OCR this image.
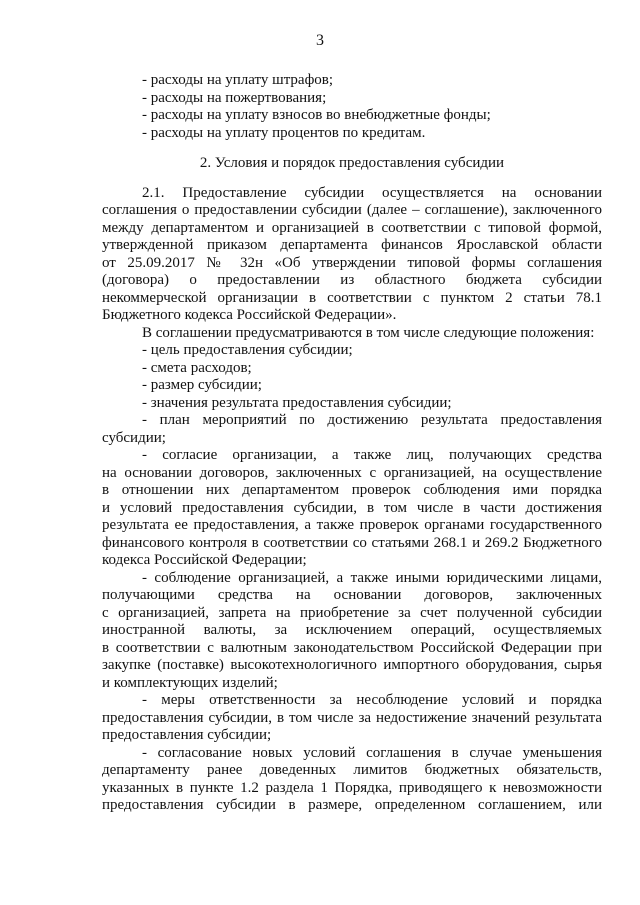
3

- расходы на уплату штрафов;

- расходы на пожертвования;

- расходы на уплату взносов во внебюджетные фонды;

- расходы на уплату процентов по кредитам.

2. Условия и порядок предоставления субсидии

2.1. Предоставление субсидии осуществляется на основании
соглашения о предоставлении субсидии (далее – соглашение), заключенного
между департаментом и организацией в соответствии с типовой формой,
утвержденной приказом департамента финансов Ярославской области
от 25.09.2017 № 32н «Об утверждении типовой формы соглашения
(договора) о предоставлении из областного бюджета субсидии
некоммерческой организации в соответствии с пунктом 2 статьи 78.1
Бюджетного кодекса Российской Федерации».
В соглашении предусматриваются в том числе следующие положения:
- цель предоставления субсидии;
- смета расходов;
- размер субсидии;
- значения результата предоставления субсидии;
- план мероприятий по достижению результата предоставления
субсидии;
- согласие организации, а также лиц, получающих средства
на основании договоров, заключенных с организацией, на осуществление
в отношении них департаментом проверок соблюдения ими порядка
и условий предоставления субсидии, в том числе в части достижения
результата ее предоставления, а также проверок органами государственного
финансового контроля в соответствии со статьями 268.1 и 269.2 Бюджетного
кодекса Российской Федерации;
- соблюдение организацией, а также иными юридическими лицами,
получающими средства на основании договоров, заключенных
с организацией, запрета на приобретение за счет полученной субсидии
иностранной валюты, за исключением операций, осуществляемых
в соответствии с валютным законодательством Российской Федерации при
закупке (поставке) высокотехнологичного импортного оборудования, сырья
и комплектующих изделий;
- меры ответственности за несоблюдение условий и порядка
предоставления субсидии, в том числе за недостижение значений результата
предоставления субсидии;
- согласование новых условий соглашения в случае уменьшения
департаменту ранее доведенных лимитов бюджетных обязательств,
указанных в пункте 1.2 раздела 1 Порядка, приводящего к невозможности
предоставления субсидии в размере, определенном соглашением, или
